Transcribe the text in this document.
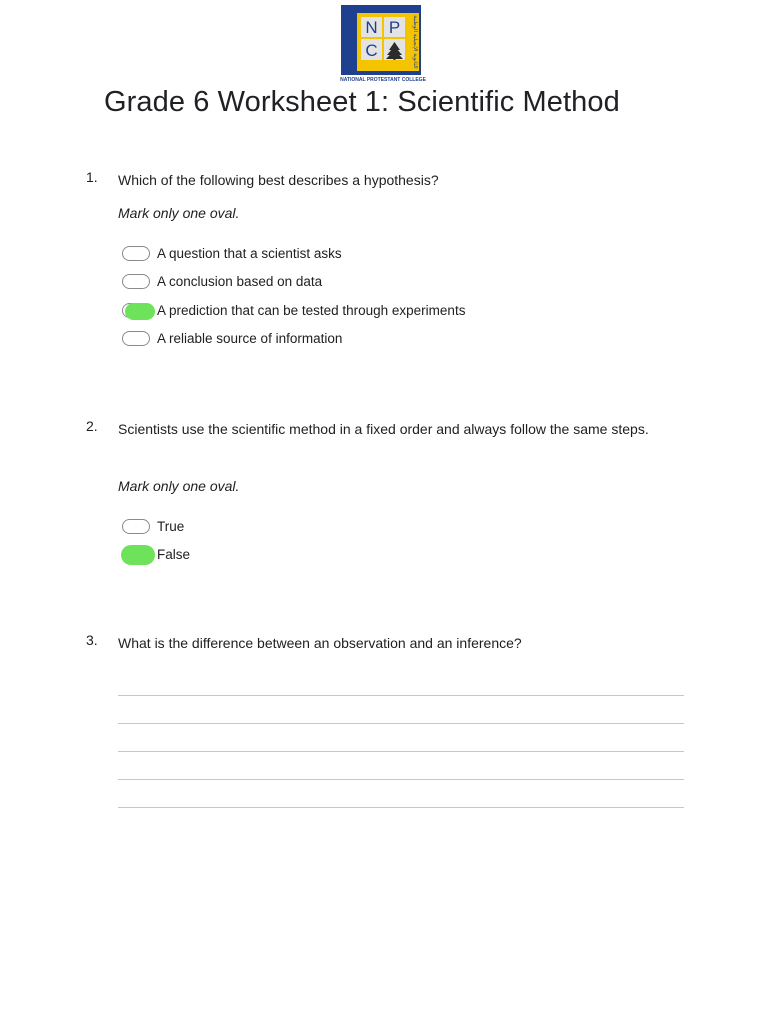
N P
C	الثانوية الإنجيلية الوطنية
NATIONAL PROTESTANT COLLEGE
Grade 6 Worksheet 1: Scientific Method
1. Which of the following best describes a hypothesis?
Mark only one oval.
A question that a scientist asks
A conclusion based on data
A prediction that can be tested through experiments
A reliable source of information
2. Scientists use the scientific method in a fixed order and always follow the same steps.
Mark only one oval.
True
False
3. What is the difference between an observation and an inference?
